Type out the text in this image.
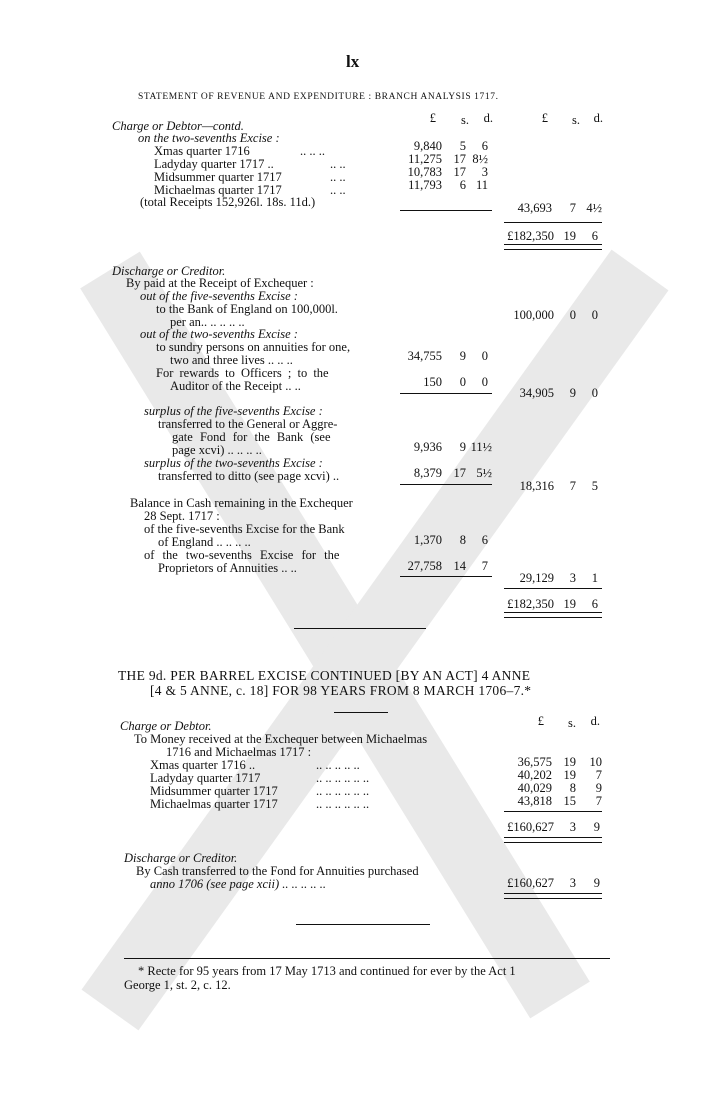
lx
STATEMENT OF REVENUE AND EXPENDITURE : BRANCH ANALYSIS 1717.
£	s.	d.	£	s.	d.
Charge or Debtor—contd.
on the two-sevenths Excise :
Xmas quarter 1716	.. .. ..	9,840	5	6
Ladyday quarter 1717 ..	.. ..	11,275 17 8½
Midsummer quarter 1717	.. ..	10,783 17	3
Michaelmas quarter 1717	.. ..	11,793	6 11
(total Receipts 152,926l. 18s. 11d.)	43,693	7 4½
£182,350 19	6
Discharge or Creditor.
By paid at the Receipt of Exchequer :
out of the five-sevenths Excise :
to the Bank of England on 100,000l.
per an.. .. .. .. ..	100,000	0	0
out of the two-sevenths Excise :
to sundry persons on annuities for one,
two and three lives .. .. ..	34,755	9	0
For rewards to Officers ; to the
Auditor of the Receipt .. ..	150	0	0
34,905	9	0
surplus of the five-sevenths Excise :
transferred to the General or Aggre-
gate Fond for the Bank (see
page xcvi) .. .. .. ..	9,936	9 11½
surplus of the two-sevenths Excise :
transferred to ditto (see page xcvi) ..	8,379 17 5½
18,316	7	5
Balance in Cash remaining in the Exchequer
28 Sept. 1717 :
of the five-sevenths Excise for the Bank
of England .. .. .. ..	1,370	8	6
of the two-sevenths Excise for the
Proprietors of Annuities .. ..	27,758 14	7
29,129	3	1
£182,350 19	6
THE 9d. PER BARREL EXCISE CONTINUED [BY AN ACT] 4 ANNE
[4 & 5 ANNE, c. 18] FOR 98 YEARS FROM 8 MARCH 1706–7.*
Charge or Debtor.	£	s.	d.
To Money received at the Exchequer between Michaelmas
1716 and Michaelmas 1717 :
Xmas quarter 1716 ..	.. .. .. .. ..	36,575 19	10
Ladyday quarter 1717	.. .. .. .. .. ..	40,202 19	7
Midsummer quarter 1717	.. .. .. .. .. ..	40,029	8	9
Michaelmas quarter 1717	.. .. .. .. .. ..	43,818 15	7
£160,627	3	9
Discharge or Creditor.
By Cash transferred to the Fond for Annuities purchased
anno 1706 (see page xcii) .. .. .. .. ..	£160,627	3	9
* Recte for 95 years from 17 May 1713 and continued for ever by the Act 1
George 1, st. 2, c. 12.
